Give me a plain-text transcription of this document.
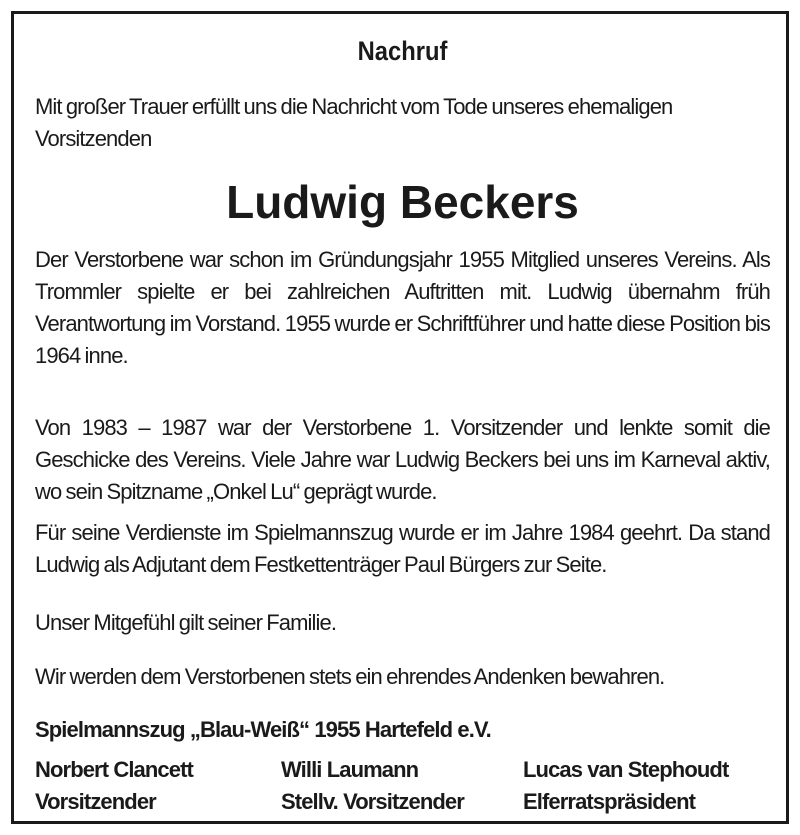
Nachruf
Mit großer Trauer erfüllt uns die Nachricht vom Tode unseres ehemaligen Vorsitzenden
Ludwig Beckers
Der Verstorbene war schon im Gründungsjahr 1955 Mitglied unseres Vereins. Als Trommler spielte er bei zahlreichen Auftritten mit. Ludwig übernahm früh Verantwortung im Vorstand. 1955 wurde er Schriftführer und hatte diese Position bis 1964 inne.
Von 1983 – 1987 war der Verstorbene 1. Vorsitzender und lenkte somit die Geschicke des Vereins. Viele Jahre war Ludwig Beckers bei uns im Karneval aktiv, wo sein Spitzname „Onkel Lu“ geprägt wurde.
Für seine Verdienste im Spielmannszug wurde er im Jahre 1984 geehrt. Da stand Ludwig als Adjutant dem Festkettenträger Paul Bürgers zur Seite.
Unser Mitgefühl gilt seiner Familie.
Wir werden dem Verstorbenen stets ein ehrendes Andenken bewahren.
Spielmannszug „Blau-Weiß“ 1955 Hartefeld e.V.
Norbert Clancett
Vorsitzender
Willi Laumann
Stellv. Vorsitzender
Lucas van Stephoudt
Elferratspräsident
